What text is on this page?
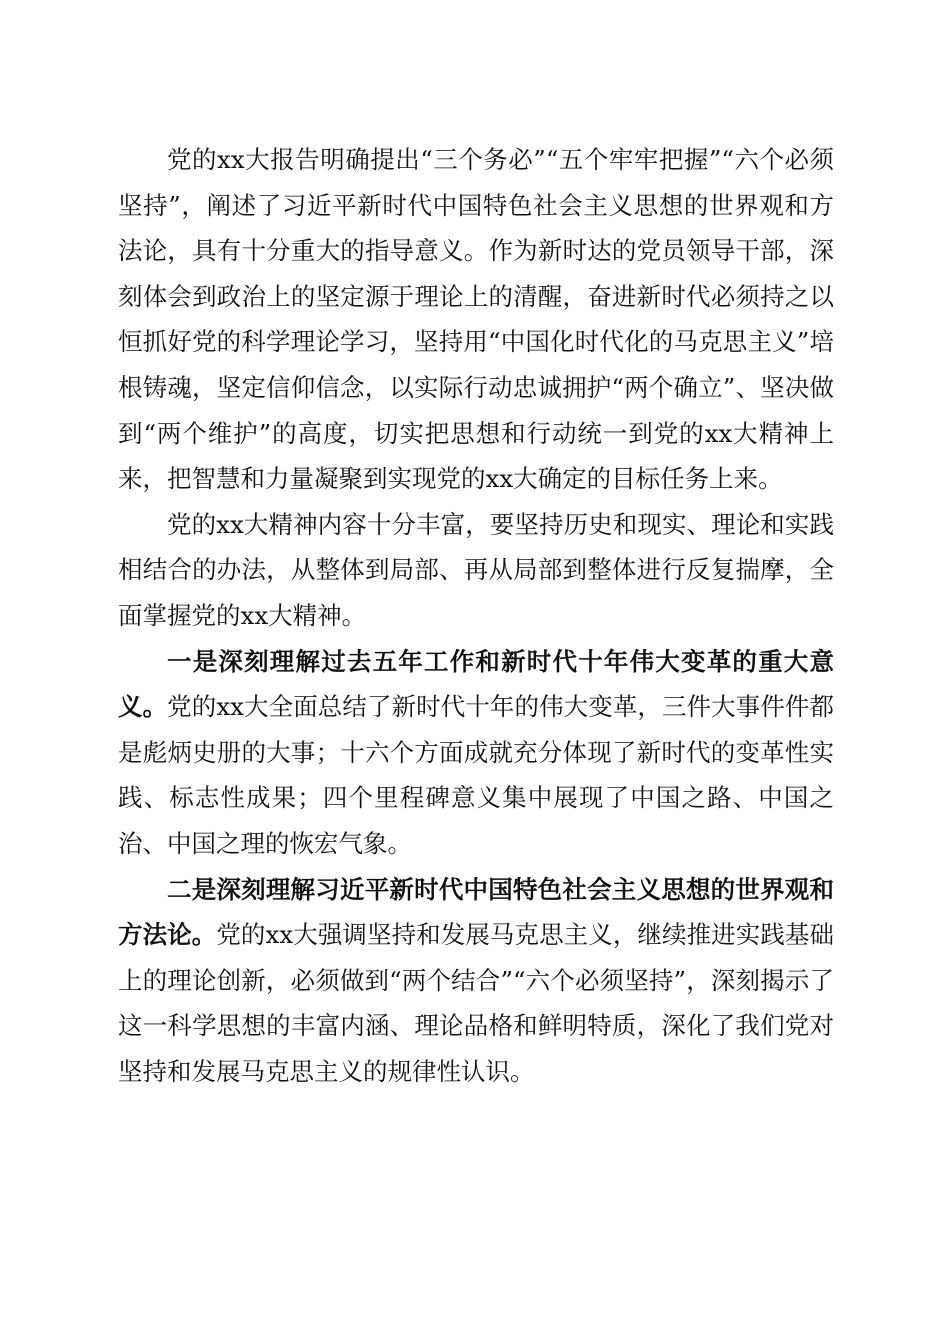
党的xx大报告明确提出“三个务必”“五个牢牢把握”“六个必须坚持”，阐述了习近平新时代中国特色社会主义思想的世界观和方法论，具有十分重大的指导意义。作为新时达的党员领导干部，深刻体会到政治上的坚定源于理论上的清醒，奋进新时代必须持之以恒抓好党的科学理论学习，坚持用“中国化时代化的马克思主义”培根铸魂，坚定信仰信念，以实际行动忠诚拥护“两个确立”、坚决做到“两个维护”的高度，切实把思想和行动统一到党的xx大精神上来，把智慧和力量凝聚到实现党的xx大确定的目标任务上来。

党的xx大精神内容十分丰富，要坚持历史和现实、理论和实践相结合的办法，从整体到局部、再从局部到整体进行反复揣摩，全面掌握党的xx大精神。

一是深刻理解过去五年工作和新时代十年伟大变革的重大意义。党的xx大全面总结了新时代十年的伟大变革，三件大事件件都是彪炳史册的大事；十六个方面成就充分体现了新时代的变革性实践、标志性成果；四个里程碑意义集中展现了中国之路、中国之治、中国之理的恢宏气象。

二是深刻理解习近平新时代中国特色社会主义思想的世界观和方法论。党的xx大强调坚持和发展马克思主义，继续推进实践基础上的理论创新，必须做到“两个结合”“六个必须坚持”，深刻揭示了这一科学思想的丰富内涵、理论品格和鲜明特质，深化了我们党对坚持和发展马克思主义的规律性认识。
